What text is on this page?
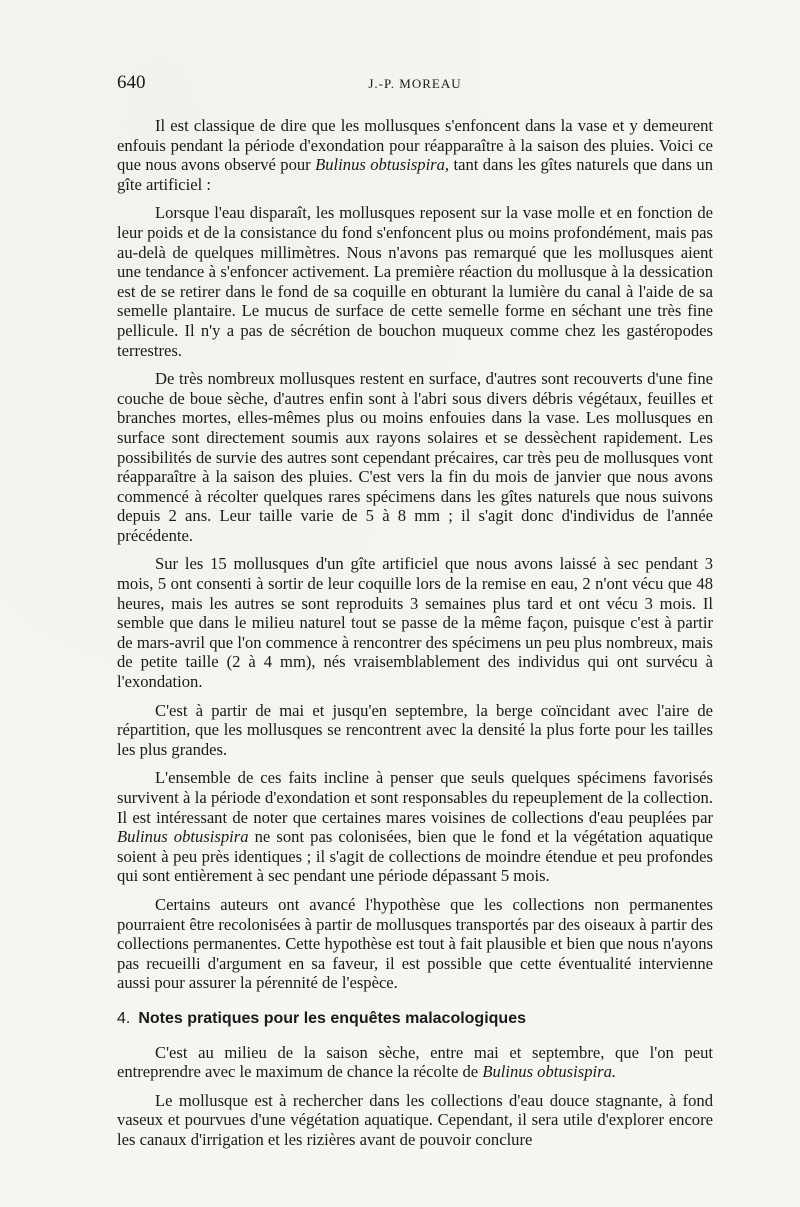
640	J.-P. MOREAU

Il est classique de dire que les mollusques s'enfoncent dans la vase et y demeurent enfouis pendant la période d'exondation pour réapparaître à la saison des pluies. Voici ce que nous avons observé pour Bulinus obtusispira, tant dans les gîtes naturels que dans un gîte artificiel :

Lorsque l'eau disparaît, les mollusques reposent sur la vase molle et en fonction de leur poids et de la consistance du fond s'enfoncent plus ou moins profondément, mais pas au-delà de quelques millimètres. Nous n'avons pas remarqué que les mollusques aient une tendance à s'enfoncer activement. La première réaction du mollusque à la dessication est de se retirer dans le fond de sa coquille en obturant la lumière du canal à l'aide de sa semelle plantaire. Le mucus de surface de cette semelle forme en séchant une très fine pellicule. Il n'y a pas de sécrétion de bouchon muqueux comme chez les gastéropodes terrestres.

De très nombreux mollusques restent en surface, d'autres sont recouverts d'une fine couche de boue sèche, d'autres enfin sont à l'abri sous divers débris végétaux, feuilles et branches mortes, elles-mêmes plus ou moins enfouies dans la vase. Les mollusques en surface sont directement soumis aux rayons solaires et se dessèchent rapidement. Les possibilités de survie des autres sont cependant précaires, car très peu de mollusques vont réapparaître à la saison des pluies. C'est vers la fin du mois de janvier que nous avons commencé à récolter quelques rares spécimens dans les gîtes naturels que nous suivons depuis 2 ans. Leur taille varie de 5 à 8 mm ; il s'agit donc d'individus de l'année précédente.

Sur les 15 mollusques d'un gîte artificiel que nous avons laissé à sec pendant 3 mois, 5 ont consenti à sortir de leur coquille lors de la remise en eau, 2 n'ont vécu que 48 heures, mais les autres se sont reproduits 3 semaines plus tard et ont vécu 3 mois. Il semble que dans le milieu naturel tout se passe de la même façon, puisque c'est à partir de mars-avril que l'on commence à rencontrer des spécimens un peu plus nombreux, mais de petite taille (2 à 4 mm), nés vraisemblablement des individus qui ont survécu à l'exondation.

C'est à partir de mai et jusqu'en septembre, la berge coïncidant avec l'aire de répartition, que les mollusques se rencontrent avec la densité la plus forte pour les tailles les plus grandes.

L'ensemble de ces faits incline à penser que seuls quelques spécimens favorisés survivent à la période d'exondation et sont responsables du repeuplement de la collection. Il est intéressant de noter que certaines mares voisines de collections d'eau peuplées par Bulinus obtusispira ne sont pas colonisées, bien que le fond et la végétation aquatique soient à peu près identiques ; il s'agit de collections de moindre étendue et peu profondes qui sont entièrement à sec pendant une période dépassant 5 mois.

Certains auteurs ont avancé l'hypothèse que les collections non permanentes pourraient être recolonisées à partir de mollusques transportés par des oiseaux à partir des collections permanentes. Cette hypothèse est tout à fait plausible et bien que nous n'ayons pas recueilli d'argument en sa faveur, il est possible que cette éventualité intervienne aussi pour assurer la pérennité de l'espèce.

4. Notes pratiques pour les enquêtes malacologiques

C'est au milieu de la saison sèche, entre mai et septembre, que l'on peut entreprendre avec le maximum de chance la récolte de Bulinus obtusispira.

Le mollusque est à rechercher dans les collections d'eau douce stagnante, à fond vaseux et pourvues d'une végétation aquatique. Cependant, il sera utile d'explorer encore les canaux d'irrigation et les rizières avant de pouvoir conclure
